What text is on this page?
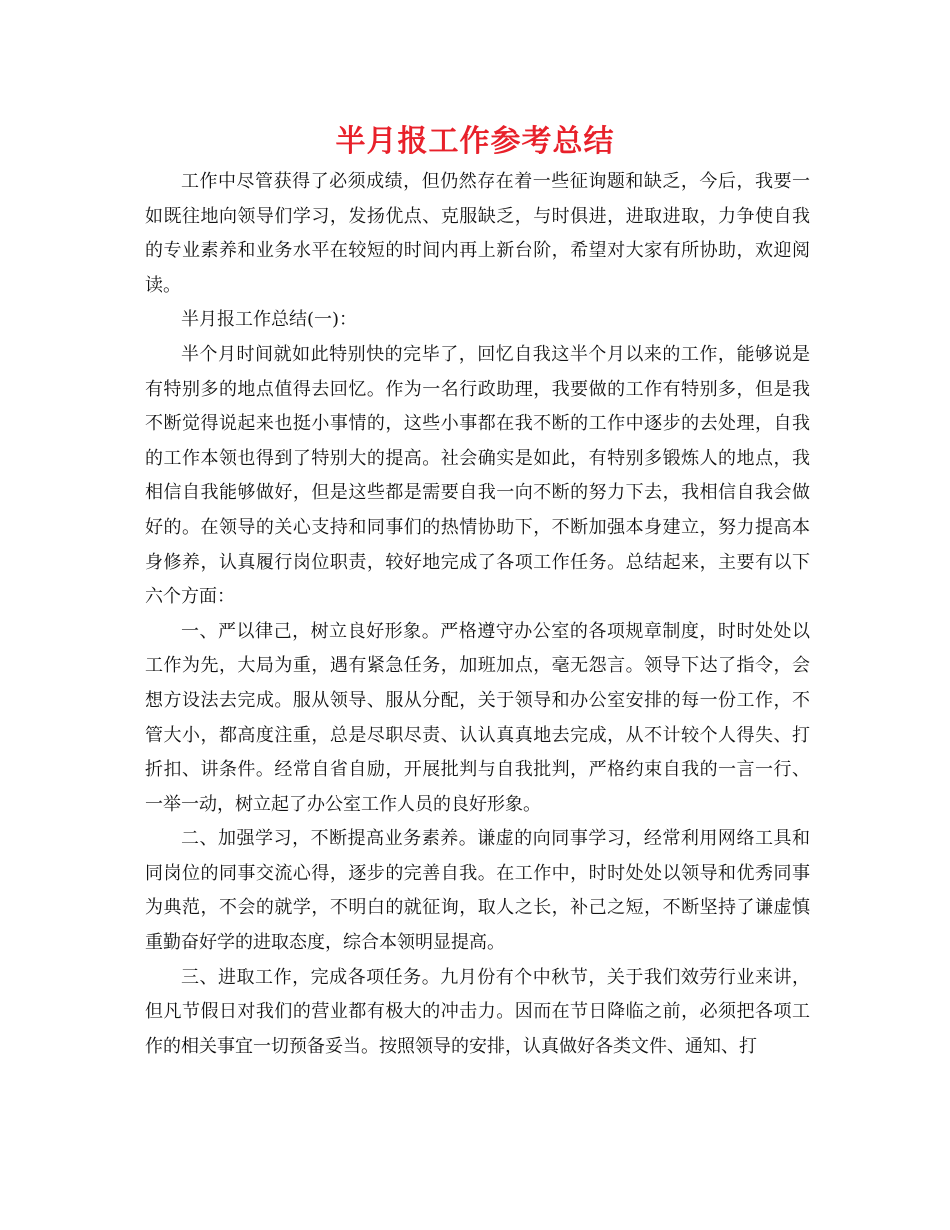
半月报工作参考总结

工作中尽管获得了必须成绩，但仍然存在着一些征询题和缺乏，今后，我要一如既往地向领导们学习，发扬优点、克服缺乏，与时俱进，进取进取，力争使自我的专业素养和业务水平在较短的时间内再上新台阶，希望对大家有所协助，欢迎阅读。

半月报工作总结(一)：

半个月时间就如此特别快的完毕了，回忆自我这半个月以来的工作，能够说是有特别多的地点值得去回忆。作为一名行政助理，我要做的工作有特别多，但是我不断觉得说起来也挺小事情的，这些小事都在我不断的工作中逐步的去处理，自我的工作本领也得到了特别大的提高。社会确实是如此，有特别多锻炼人的地点，我相信自我能够做好，但是这些都是需要自我一向不断的努力下去，我相信自我会做好的。在领导的关心支持和同事们的热情协助下，不断加强本身建立，努力提高本身修养，认真履行岗位职责，较好地完成了各项工作任务。总结起来，主要有以下六个方面：

一、严以律己，树立良好形象。严格遵守办公室的各项规章制度，时时处处以工作为先，大局为重，遇有紧急任务，加班加点，毫无怨言。领导下达了指令，会想方设法去完成。服从领导、服从分配，关于领导和办公室安排的每一份工作，不管大小，都高度注重，总是尽职尽责、认认真真地去完成，从不计较个人得失、打折扣、讲条件。经常自省自励，开展批判与自我批判，严格约束自我的一言一行、一举一动，树立起了办公室工作人员的良好形象。

二、加强学习，不断提高业务素养。谦虚的向同事学习，经常利用网络工具和同岗位的同事交流心得，逐步的完善自我。在工作中，时时处处以领导和优秀同事为典范，不会的就学，不明白的就征询，取人之长，补己之短，不断坚持了谦虚慎重勤奋好学的进取态度，综合本领明显提高。

三、进取工作，完成各项任务。九月份有个中秋节，关于我们效劳行业来讲，但凡节假日对我们的营业都有极大的冲击力。因而在节日降临之前，必须把各项工作的相关事宜一切预备妥当。按照领导的安排，认真做好各类文件、通知、打
